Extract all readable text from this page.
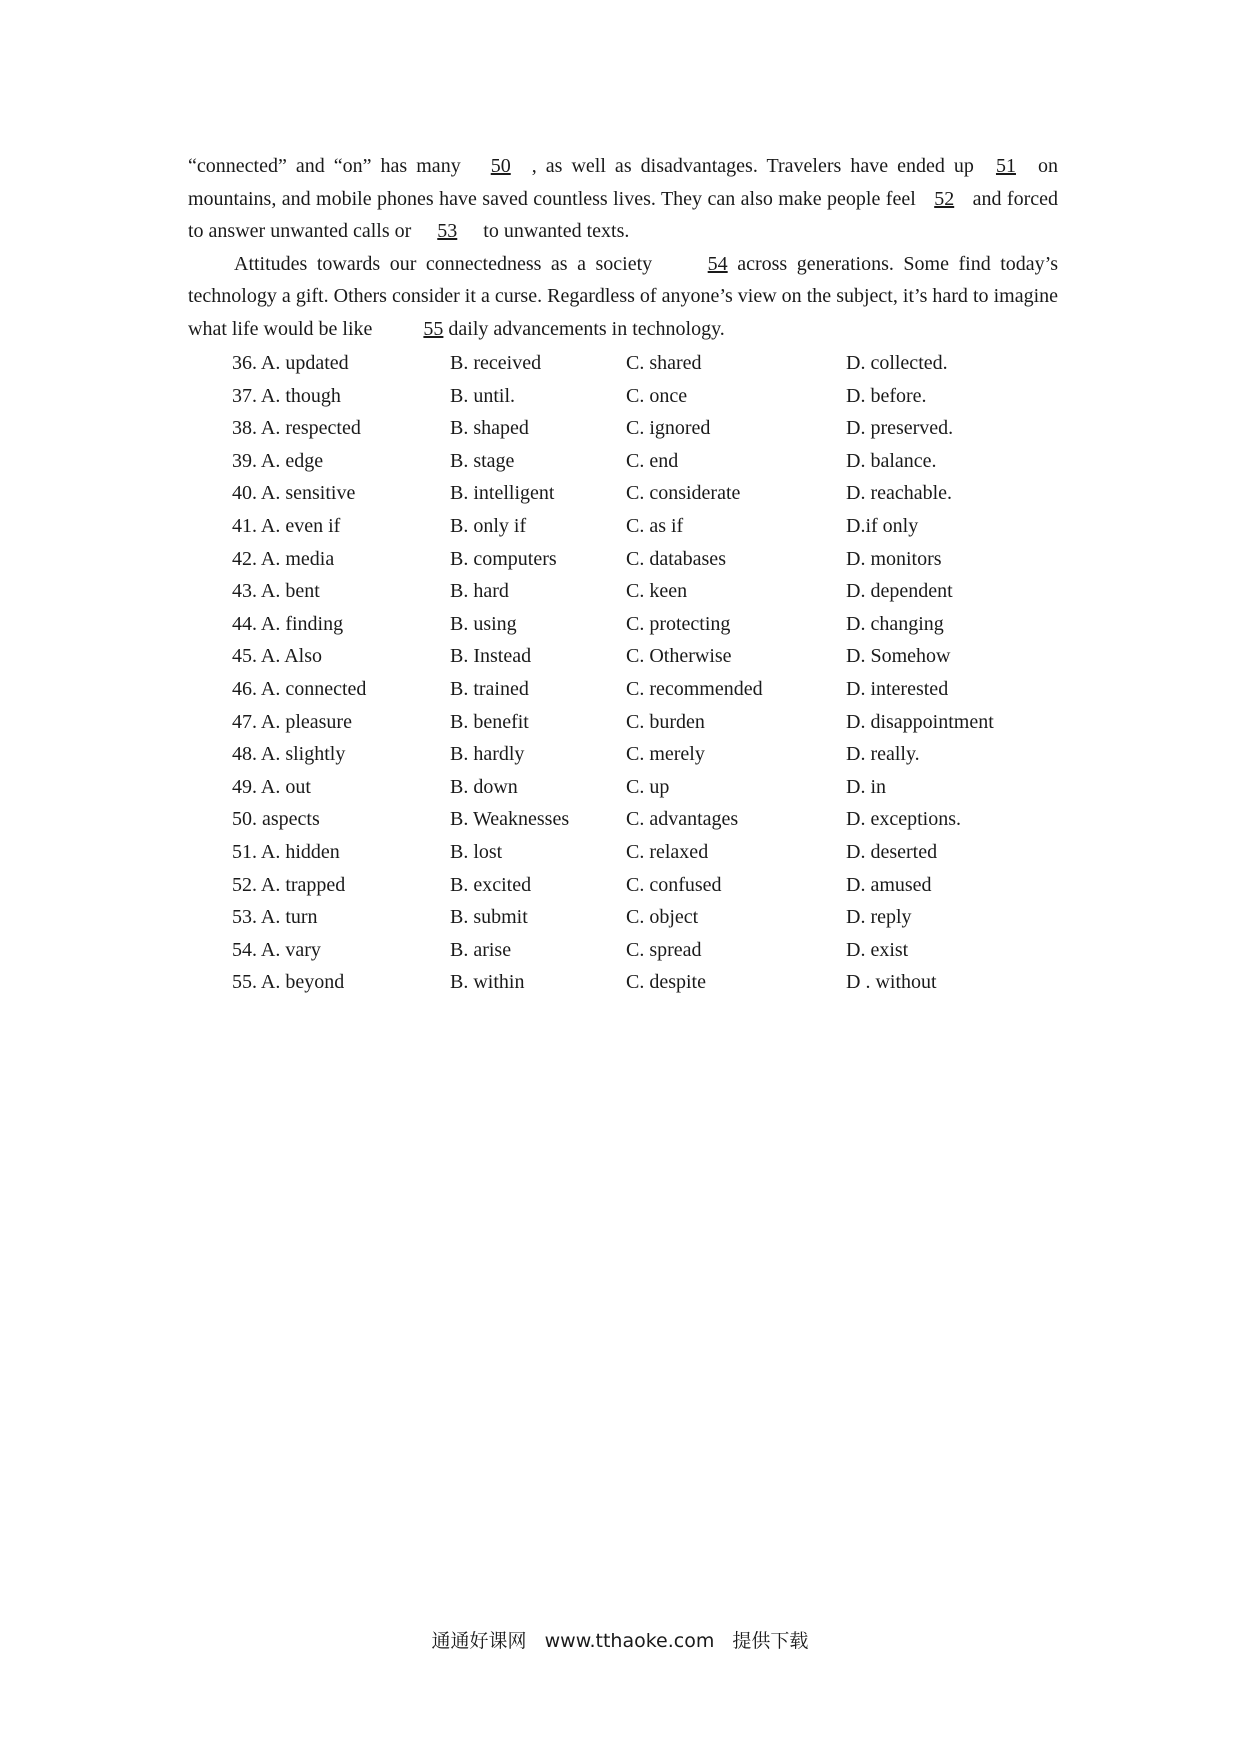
“connected” and “on” has many 50 , as well as disadvantages. Travelers have ended up 51 on mountains, and mobile phones have saved countless lives. They can also make people feel 52 and forced to answer unwanted calls or 53 to unwanted texts.

Attitudes towards our connectedness as a society 54 across generations. Some find today’s technology a gift. Others consider it a curse. Regardless of anyone’s view on the subject, it’s hard to imagine what life would be like 55 daily advancements in technology.

36. A. updated	B. received	C. shared	D. collected.
37. A. though	B. until.	C. once	D. before.
38. A. respected	B. shaped	C. ignored	D. preserved.
39. A. edge	B. stage	C. end	D. balance.
40. A. sensitive	B. intelligent	C. considerate	D. reachable.
41. A. even if	B. only if	C. as if	D.if only
42. A. media	B. computers	C. databases	D. monitors
43. A. bent	B. hard	C. keen	D. dependent
44. A. finding	B. using	C. protecting	D. changing
45. A. Also	B. Instead	C. Otherwise	D. Somehow
46. A. connected	B. trained	C. recommended	D. interested
47. A. pleasure	B. benefit	C. burden	D. disappointment
48. A. slightly	B. hardly	C. merely	D. really.
49. A. out	B. down	C. up	D. in
50. aspects	B. Weaknesses	C. advantages	D. exceptions.
51. A. hidden	B. lost	C. relaxed	D. deserted
52. A. trapped	B. excited	C. confused	D. amused
53. A. turn	B. submit	C. object	D. reply
54. A. vary	B. arise	C. spread	D. exist
55. A. beyond	B. within	C. despite	D . without
通通好课网 www.tthaoke.com 提供下载
